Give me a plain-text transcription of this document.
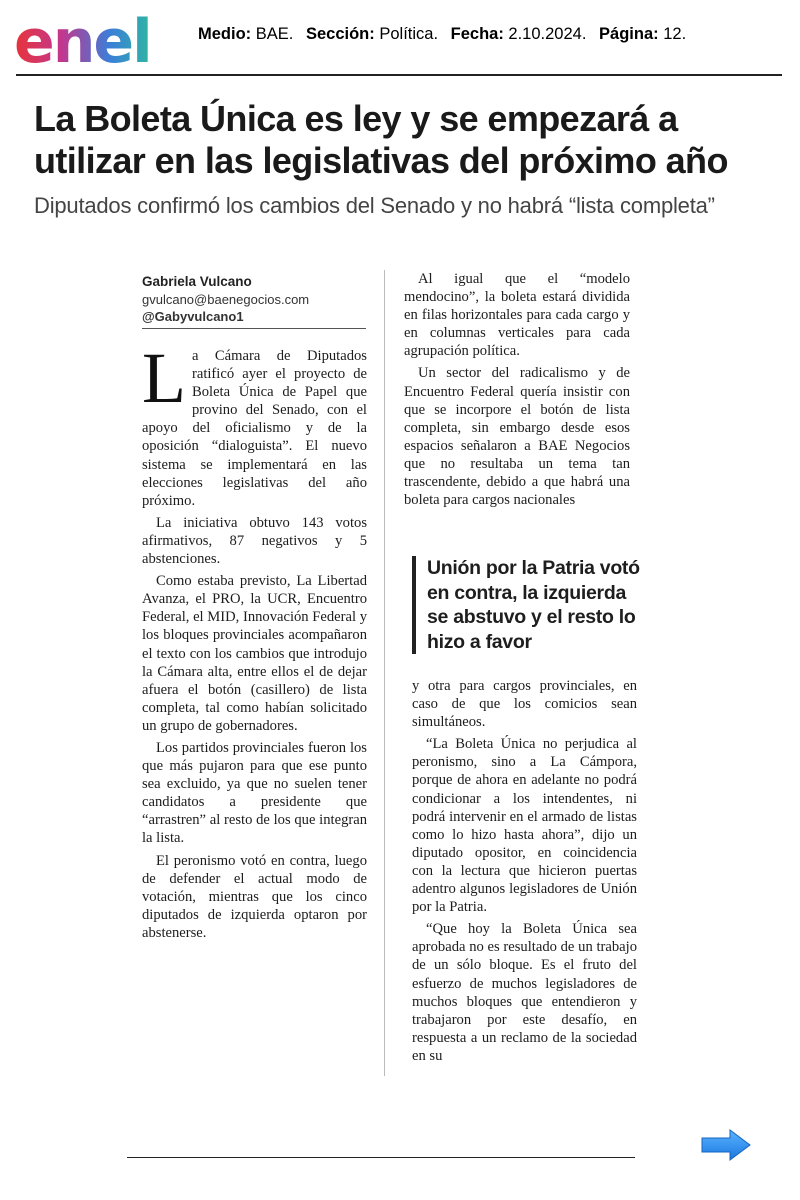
enel	Medio: BAE. Sección: Política. Fecha: 2.10.2024. Página: 12.
La Boleta Única es ley y se empezará a utilizar en las legislativas del próximo año
Diputados confirmó los cambios del Senado y no habrá “lista completa”
Gabriela Vulcano
gvulcano@baenegocios.com
@Gabyvulcano1

La Cámara de Diputados ratificó ayer el proyecto de Boleta Única de Papel que provino del Senado, con el apoyo del oficialismo y de la oposición “dialoguista”. El nuevo sistema se implementará en las elecciones legislativas del año próximo.

La iniciativa obtuvo 143 votos afirmativos, 87 negativos y 5 abstenciones.

Como estaba previsto, La Libertad Avanza, el PRO, la UCR, Encuentro Federal, el MID, Innovación Federal y los bloques provinciales acompañaron el texto con los cambios que introdujo la Cámara alta, entre ellos el de dejar afuera el botón (casillero) de lista completa, tal como habían solicitado un grupo de gobernadores.

Los partidos provinciales fueron los que más pujaron para que ese punto sea excluido, ya que no suelen tener candidatos a presidente que “arrastren” al resto de los que integran la lista.

El peronismo votó en contra, luego de defender el actual modo de votación, mientras que los cinco diputados de izquierda optaron por abstenerse.

Al igual que el “modelo mendocino”, la boleta estará dividida en filas horizontales para cada cargo y en columnas verticales para cada agrupación política.

Un sector del radicalismo y de Encuentro Federal quería insistir con que se incorpore el botón de lista completa, sin embargo desde esos espacios señalaron a BAE Negocios que no resultaba un tema tan trascendente, debido a que habrá una boleta para cargos nacionales

Unión por la Patria votó en contra, la izquierda se abstuvo y el resto lo hizo a favor

y otra para cargos provinciales, en caso de que los comicios sean simultáneos.

“La Boleta Única no perjudica al peronismo, sino a La Cámpora, porque de ahora en adelante no podrá condicionar a los intendentes, ni podrá intervenir en el armado de listas como lo hizo hasta ahora”, dijo un diputado opositor, en coincidencia con la lectura que hicieron puertas adentro algunos legisladores de Unión por la Patria.

“Que hoy la Boleta Única sea aprobada no es resultado de un trabajo de un sólo bloque. Es el fruto del esfuerzo de muchos legisladores de muchos bloques que entendieron y trabajaron por este desafío, en respuesta a un reclamo de la sociedad en su
